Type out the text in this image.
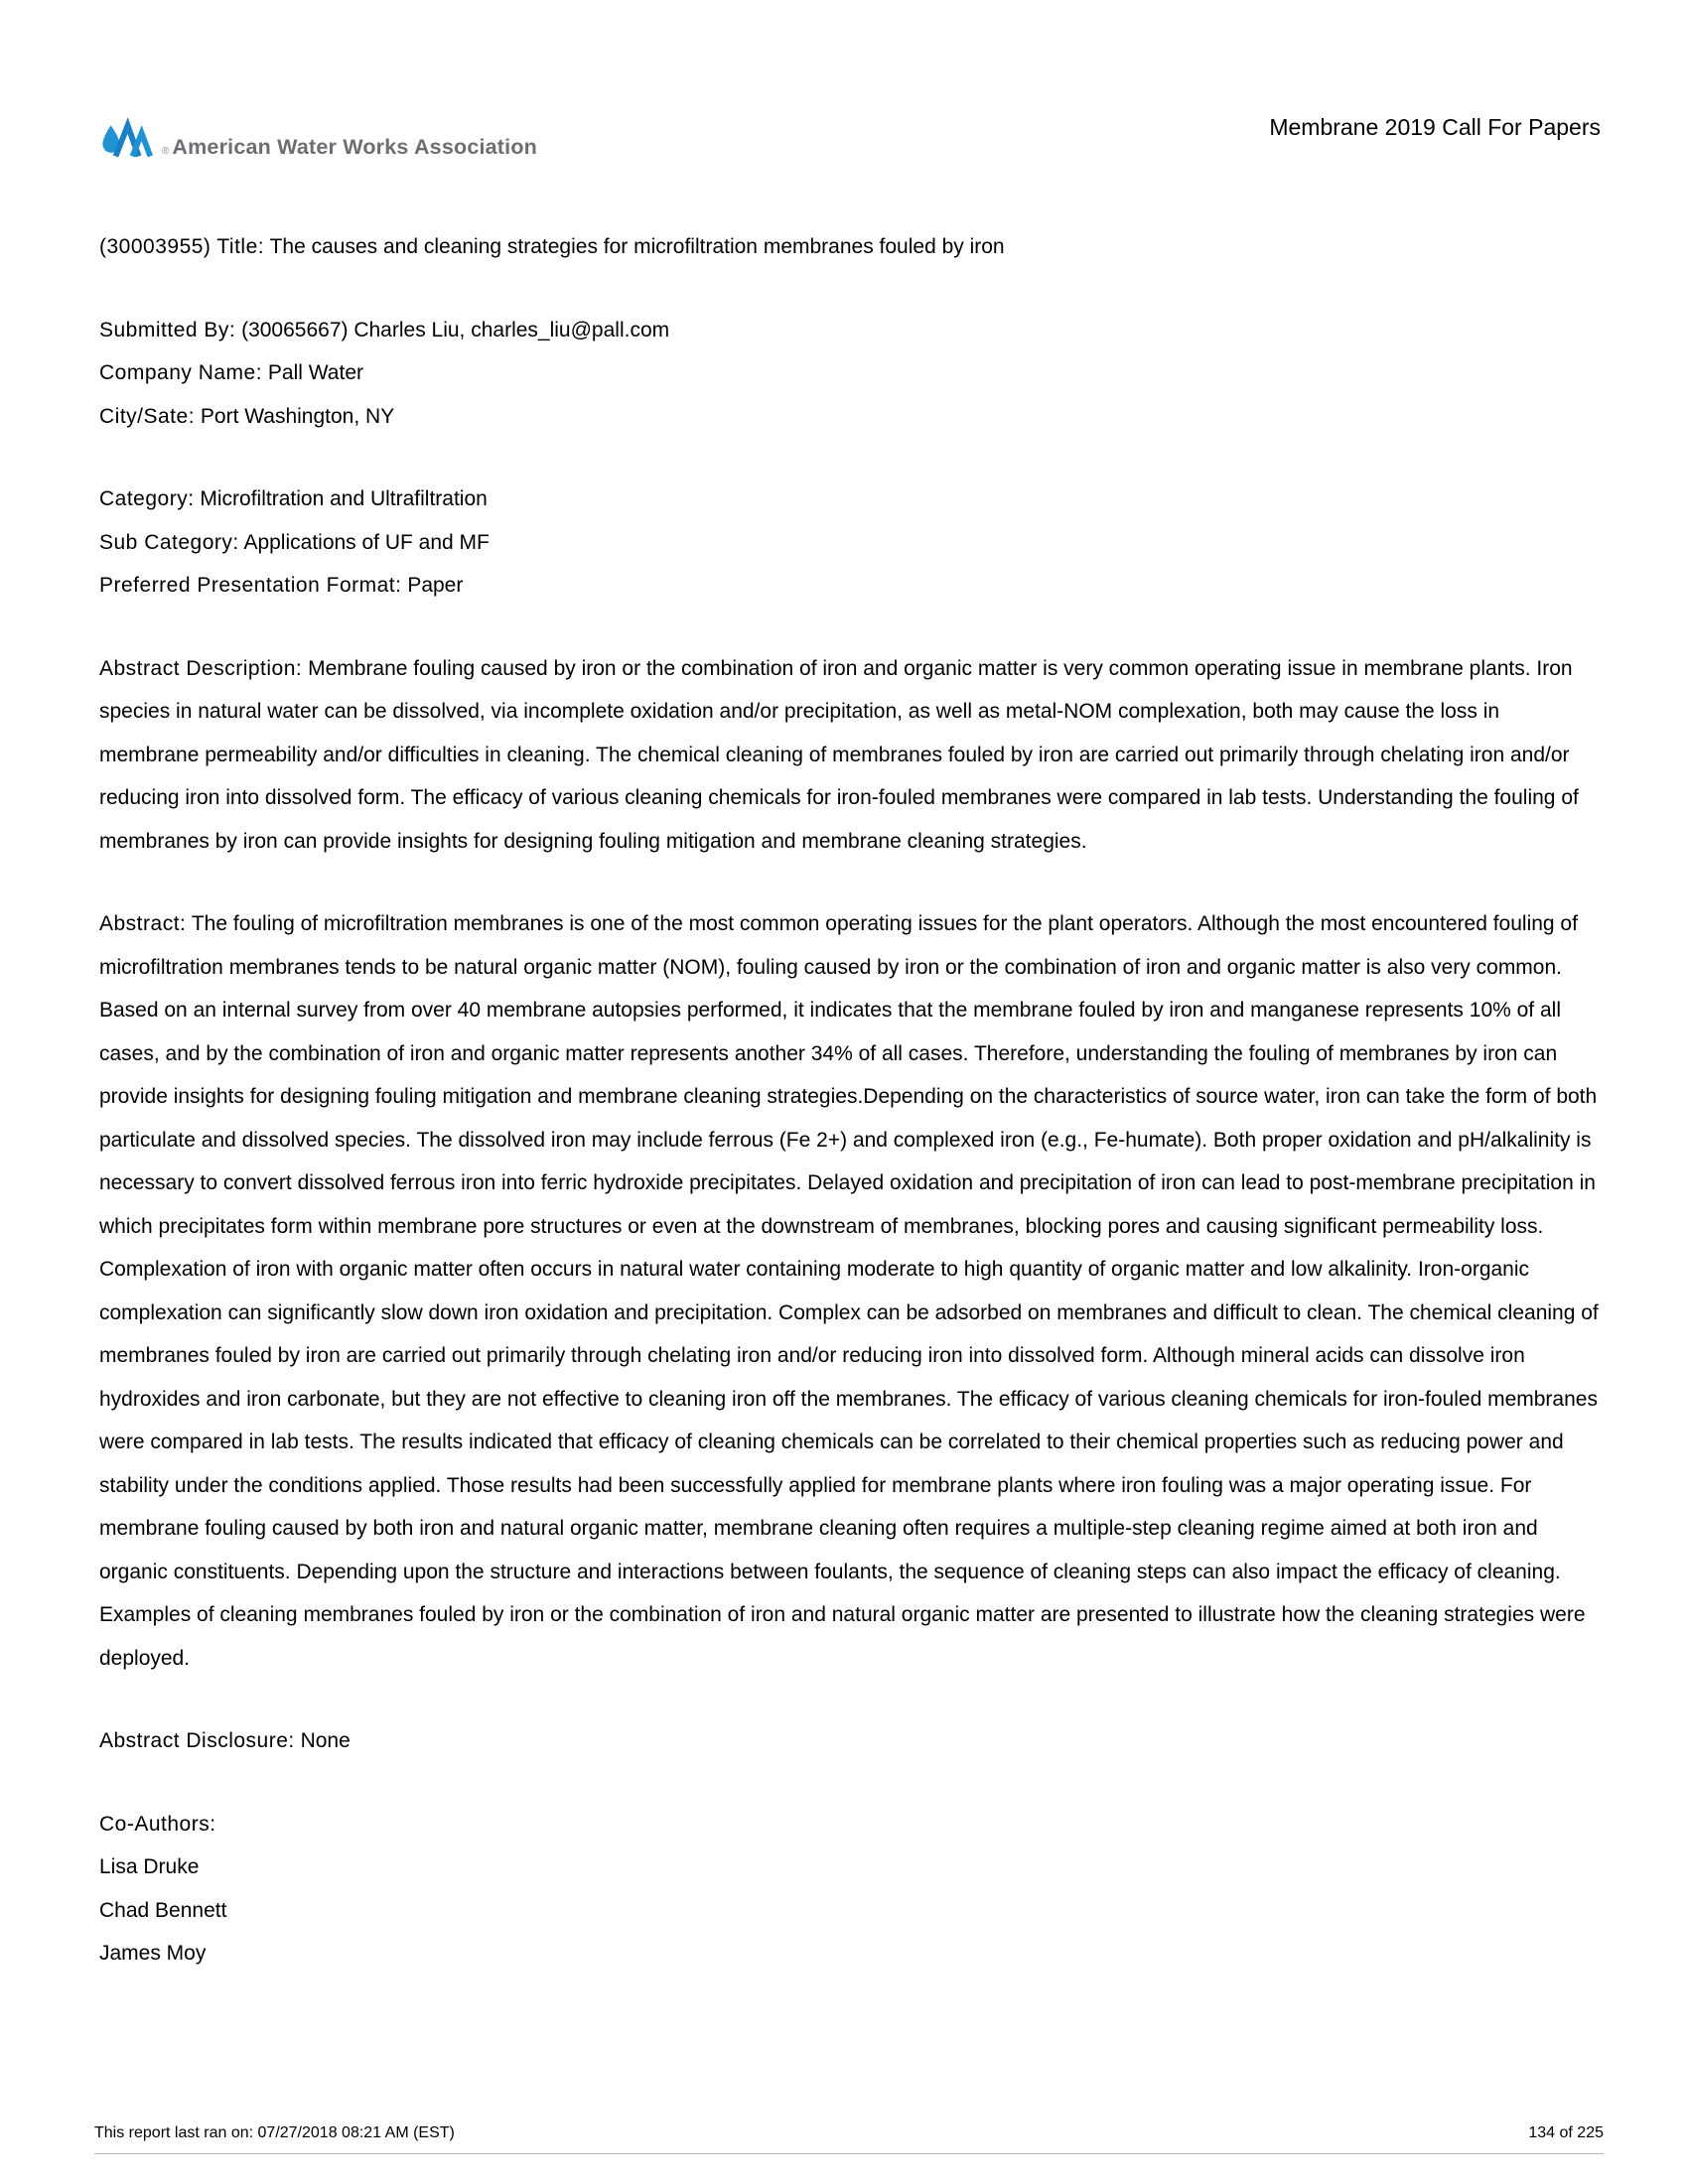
® American Water Works Association
Membrane 2019 Call For Papers

(30003955) Title: The causes and cleaning strategies for microfiltration membranes fouled by iron

Submitted By: (30065667) Charles Liu, charles_liu@pall.com

Company Name: Pall Water

City/Sate: Port Washington, NY

Category: Microfiltration and Ultrafiltration

Sub Category: Applications of UF and MF

Preferred Presentation Format: Paper

Abstract Description: Membrane fouling caused by iron or the combination of iron and organic matter is very common operating issue in membrane plants. Iron species in natural water can be dissolved, via incomplete oxidation and/or precipitation, as well as metal-NOM complexation, both may cause the loss in membrane permeability and/or difficulties in cleaning. The chemical cleaning of membranes fouled by iron are carried out primarily through chelating iron and/or reducing iron into dissolved form. The efficacy of various cleaning chemicals for iron-fouled membranes were compared in lab tests. Understanding the fouling of membranes by iron can provide insights for designing fouling mitigation and membrane cleaning strategies.

Abstract: The fouling of microfiltration membranes is one of the most common operating issues for the plant operators. Although the most encountered fouling of microfiltration membranes tends to be natural organic matter (NOM), fouling caused by iron or the combination of iron and organic matter is also very common. Based on an internal survey from over 40 membrane autopsies performed, it indicates that the membrane fouled by iron and manganese represents 10% of all cases, and by the combination of iron and organic matter represents another 34% of all cases. Therefore, understanding the fouling of membranes by iron can provide insights for designing fouling mitigation and membrane cleaning strategies.Depending on the characteristics of source water, iron can take the form of both particulate and dissolved species. The dissolved iron may include ferrous (Fe 2+) and complexed iron (e.g., Fe-humate). Both proper oxidation and pH/alkalinity is necessary to convert dissolved ferrous iron into ferric hydroxide precipitates. Delayed oxidation and precipitation of iron can lead to post-membrane precipitation in which precipitates form within membrane pore structures or even at the downstream of membranes, blocking pores and causing significant permeability loss. Complexation of iron with organic matter often occurs in natural water containing moderate to high quantity of organic matter and low alkalinity. Iron-organic complexation can significantly slow down iron oxidation and precipitation. Complex can be adsorbed on membranes and difficult to clean. The chemical cleaning of membranes fouled by iron are carried out primarily through chelating iron and/or reducing iron into dissolved form. Although mineral acids can dissolve iron hydroxides and iron carbonate, but they are not effective to cleaning iron off the membranes. The efficacy of various cleaning chemicals for iron-fouled membranes were compared in lab tests. The results indicated that efficacy of cleaning chemicals can be correlated to their chemical properties such as reducing power and stability under the conditions applied. Those results had been successfully applied for membrane plants where iron fouling was a major operating issue. For membrane fouling caused by both iron and natural organic matter, membrane cleaning often requires a multiple-step cleaning regime aimed at both iron and organic constituents. Depending upon the structure and interactions between foulants, the sequence of cleaning steps can also impact the efficacy of cleaning. Examples of cleaning membranes fouled by iron or the combination of iron and natural organic matter are presented to illustrate how the cleaning strategies were deployed.

Abstract Disclosure: None

Co-Authors:

Lisa Druke

Chad Bennett

James Moy

This report last ran on: 07/27/2018 08:21 AM (EST)	134 of 225
